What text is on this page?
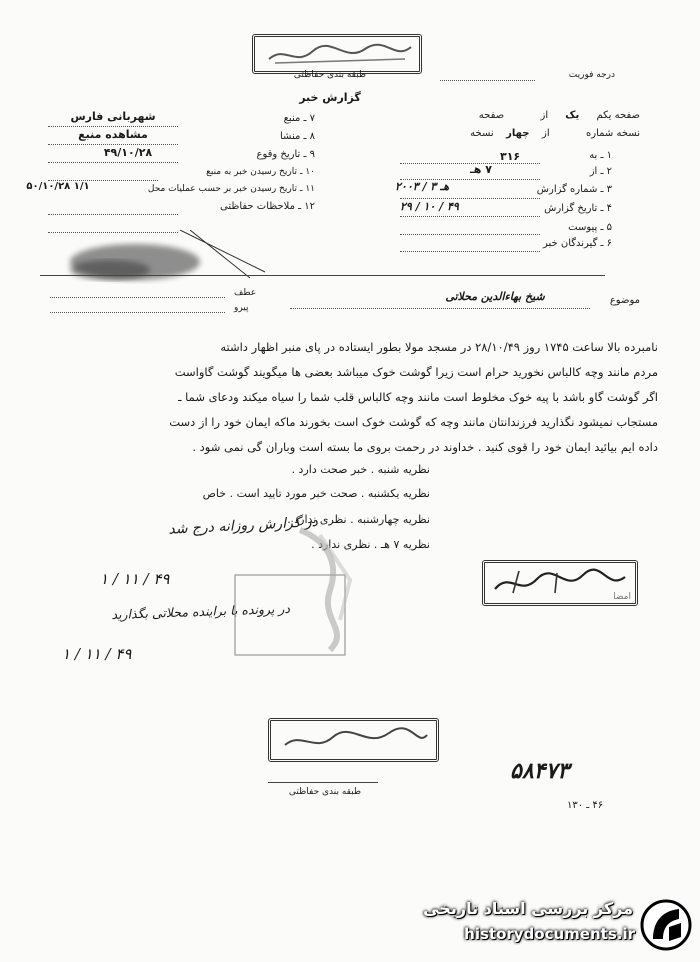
طبقه بندی حفاظتی	درجه فوریت
گزارش خبر
صفحه یکم یک از  صفحه
نسخه شماره  از چهار نسخه
۱ ـ به
۳۱۶
۲ ـ از
۷ هـ
۳ ـ شماره گزارش
۲۰۰۳ / ۳ هـ
۴ ـ تاریخ گزارش
۲۹ / ۱۰ / ۴۹
۵ ـ پیوست
۶ ـ گیرندگان خبر
۷ ـ منبع
شهربانی فارس
۸ ـ منشا
مشاهده منبع
۹ ـ تاریخ وقوع
۴۹/۱۰/۲۸
۱۰ ـ تاریخ رسیدن خبر به منبع
۱۱ ـ تاریخ رسیدن خبر بر حسب عملیات محل
۱/۱ ۵۰/۱۰/۲۸
۱۲ ـ ملاحظات حفاظتی
موضوع
شیخ بهاءالدین محلاتی
عطف
پیرو
نامبرده بالا ساعت ۱۷۴۵ روز ۲۸/۱۰/۴۹ در مسجد مولا بطور ایستاده در پای منبر اظهار داشته
مردم مانند وچه کالباس نخورید حرام است زیرا گوشت خوک میباشد بعضی ها میگویند گوشت گاواست
اگر گوشت گاو باشد با پیه خوک مخلوط است مانند وچه کالباس قلب شما را سیاه میکند ودعای شما ـ
مستجاب نمیشود نگذارید فرزندانتان مانند وچه که گوشت خوک است بخورند ماکه ایمان خود را از دست
داده ایم بیائید ایمان خود را قوی کنید . خداوند در رحمت بروی ما بسته است وباران گی نمی شود .
نظریه شنبه . خبر صحت دارد .
نظریه یکشنبه . صحت خبر مورد تایید است . خاص
نظریه چهارشنبه . نظری ندارد .
نظریه ۷ هـ . نظری ندارد .
در گزارش روزانه درج شد
۱ / ۱۱ / ۴۹
در پرونده با براینده محلاتی بگذارید
۱ / ۱۱ / ۴۹
امضا
۵۸۴۷۳
طبقه بندی حفاظتی
۴۶ ـ ۱۳۰
مرکز بررسی اسناد تاریخی
historydocuments.ir
